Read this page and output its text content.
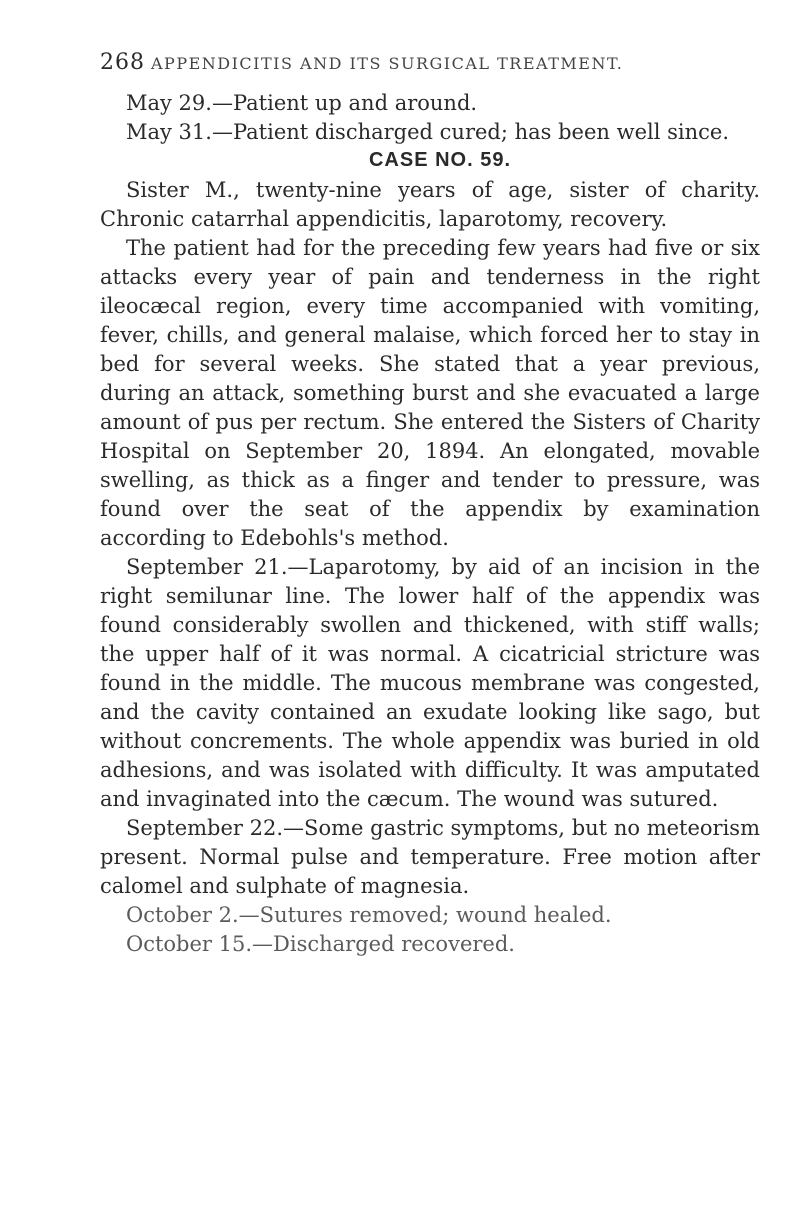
268 APPENDICITIS AND ITS SURGICAL TREATMENT.

May 29.—Patient up and around.

May 31.—Patient discharged cured; has been well since.

CASE NO. 59.

Sister M., twenty-nine years of age, sister of charity. Chronic catarrhal appendicitis, laparotomy, recovery.

The patient had for the preceding few years had five or six attacks every year of pain and tenderness in the right ileocæcal region, every time accompanied with vomiting, fever, chills, and general malaise, which forced her to stay in bed for several weeks. She stated that a year previous, during an attack, something burst and she evacuated a large amount of pus per rectum. She entered the Sisters of Charity Hospital on September 20, 1894. An elongated, movable swelling, as thick as a finger and tender to pressure, was found over the seat of the appendix by examination according to Edebohls's method.

September 21.—Laparotomy, by aid of an incision in the right semilunar line. The lower half of the appendix was found considerably swollen and thickened, with stiff walls; the upper half of it was normal. A cicatricial stricture was found in the middle. The mucous membrane was congested, and the cavity contained an exudate looking like sago, but without concrements. The whole appendix was buried in old adhesions, and was isolated with difficulty. It was amputated and invaginated into the cæcum. The wound was sutured.

September 22.—Some gastric symptoms, but no meteorism present. Normal pulse and temperature. Free motion after calomel and sulphate of magnesia.

October 2.—Sutures removed; wound healed.

October 15.—Discharged recovered.
